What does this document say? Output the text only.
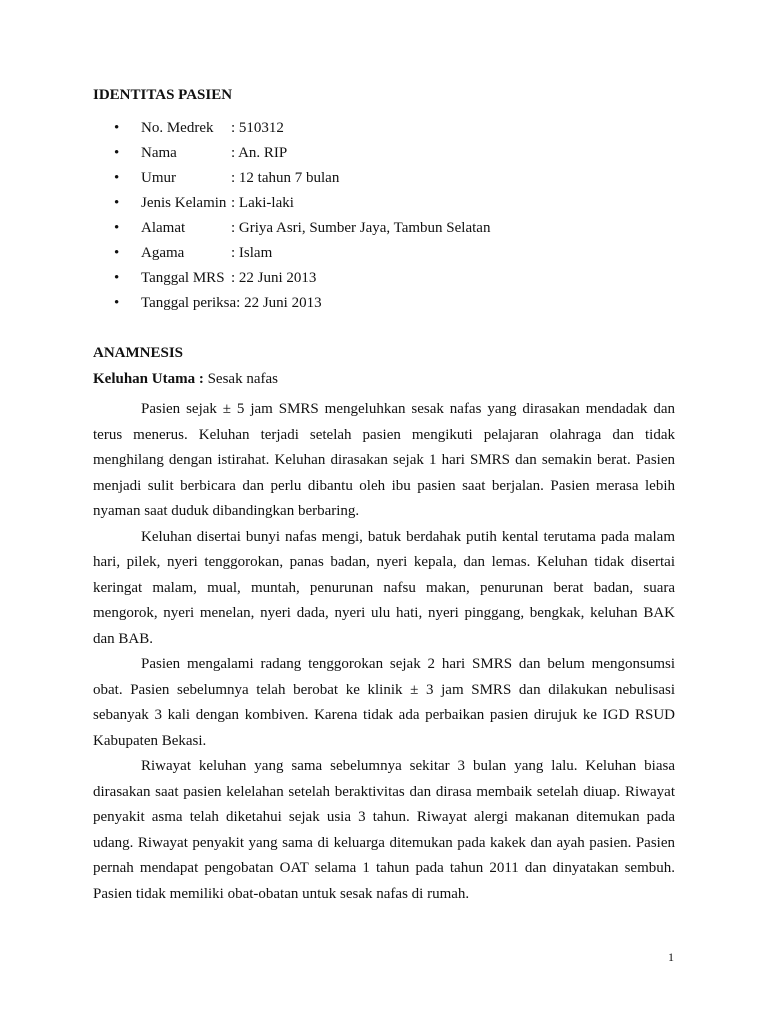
IDENTITAS PASIEN
• No. Medrek : 510312
• Nama	: An. RIP
• Umur	: 12 tahun 7 bulan
• Jenis Kelamin : Laki-laki
• Alamat	: Griya Asri, Sumber Jaya, Tambun Selatan
• Agama	: Islam
• Tanggal MRS : 22 Juni 2013
• Tanggal periksa: 22 Juni 2013
ANAMNESIS

Keluhan Utama : Sesak nafas

Pasien sejak ± 5 jam SMRS mengeluhkan sesak nafas yang dirasakan mendadak dan terus menerus. Keluhan terjadi setelah pasien mengikuti pelajaran olahraga dan tidak menghilang dengan istirahat. Keluhan dirasakan sejak 1 hari SMRS dan semakin berat. Pasien menjadi sulit berbicara dan perlu dibantu oleh ibu pasien saat berjalan. Pasien merasa lebih nyaman saat duduk dibandingkan berbaring.

Keluhan disertai bunyi nafas mengi, batuk berdahak putih kental terutama pada malam hari, pilek, nyeri tenggorokan, panas badan, nyeri kepala, dan lemas. Keluhan tidak disertai keringat malam, mual, muntah, penurunan nafsu makan, penurunan berat badan, suara mengorok, nyeri menelan, nyeri dada, nyeri ulu hati, nyeri pinggang, bengkak, keluhan BAK dan BAB.

Pasien mengalami radang tenggorokan sejak 2 hari SMRS dan belum mengonsumsi obat. Pasien sebelumnya telah berobat ke klinik ± 3 jam SMRS dan dilakukan nebulisasi sebanyak 3 kali dengan kombiven. Karena tidak ada perbaikan pasien dirujuk ke IGD RSUD Kabupaten Bekasi.

Riwayat keluhan yang sama sebelumnya sekitar 3 bulan yang lalu. Keluhan biasa dirasakan saat pasien kelelahan setelah beraktivitas dan dirasa membaik setelah diuap. Riwayat penyakit asma telah diketahui sejak usia 3 tahun. Riwayat alergi makanan ditemukan pada udang. Riwayat penyakit yang sama di keluarga ditemukan pada kakek dan ayah pasien. Pasien pernah mendapat pengobatan OAT selama 1 tahun pada tahun 2011 dan dinyatakan sembuh. Pasien tidak memiliki obat-obatan untuk sesak nafas di rumah.

1
